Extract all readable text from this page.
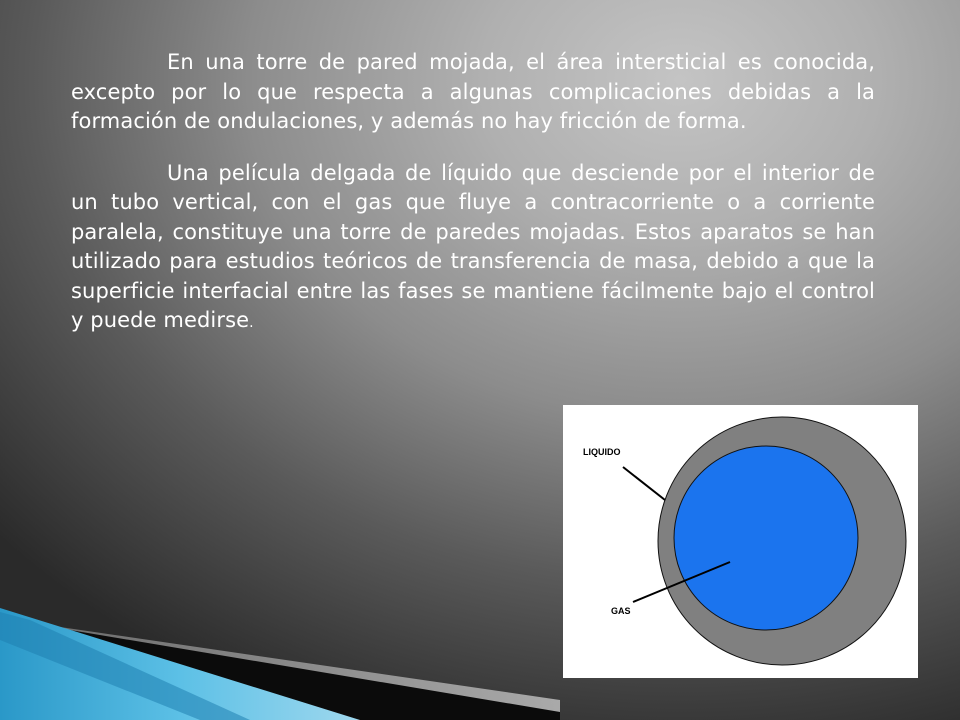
En una torre de pared mojada, el área intersticial es conocida, excepto por lo que respecta a algunas complicaciones debidas a la formación de ondulaciones, y además no hay fricción de forma.

Una película delgada de líquido que desciende por el interior de un tubo vertical, con el gas que fluye a contracorriente o a corriente paralela, constituye una torre de paredes mojadas. Estos aparatos se han utilizado para estudios teóricos de transferencia de masa, debido a que la superficie interfacial entre las fases se mantiene fácilmente bajo el control y puede medirse.

LIQUIDO
GAS
